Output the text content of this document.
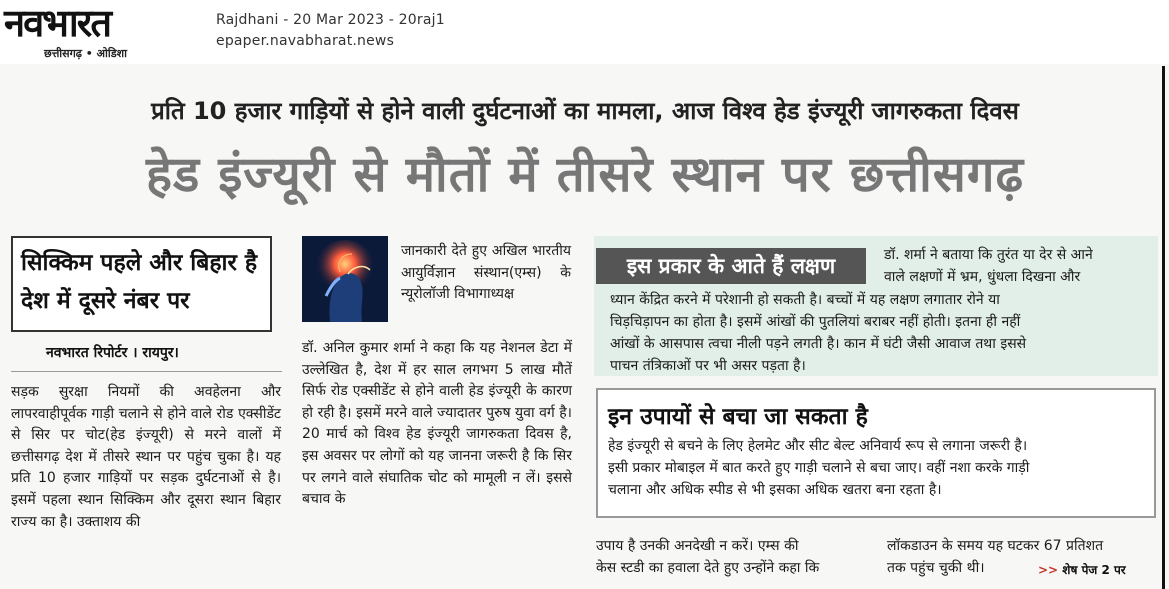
नवभारत
छत्तीसगढ़ • ओडिशा
Rajdhani - 20 Mar 2023 - 20raj1
epaper.navabharat.news
प्रति 10 हजार गाड़ियों से होने वाली दुर्घटनाओं का मामला, आज विश्व हेड इंज्यूरी जागरुकता दिवस
हेड इंज्यूरी से मौतों में तीसरे स्थान पर छत्तीसगढ़
सिक्किम पहले और बिहार है देश में दूसरे नंबर पर
नवभारत रिपोर्टर । रायपुर।
सड़क सुरक्षा नियमों की अवहेलना और लापरवाहीपूर्वक गाड़ी चलाने से होने वाले रोड एक्सीडेंट से सिर पर चोट(हेड इंज्यूरी) से मरने वालों में छत्तीसगढ़ देश में तीसरे स्थान पर पहुंच चुका है। यह प्रति 10 हजार गाड़ियों पर सड़क दुर्घटनाओं से है। इसमें पहला स्थान सिक्किम और दूसरा स्थान बिहार राज्य का है। उक्ताशय की
जानकारी देते हुए अखिल भारतीय आयुर्विज्ञान संस्थान(एम्स) के न्यूरोलॉजी विभागाध्यक्ष
डॉ. अनिल कुमार शर्मा ने कहा कि यह नेशनल डेटा में उल्लेखित है, देश में हर साल लगभग 5 लाख मौतें सिर्फ रोड एक्सीडेंट से होने वाली हेड इंज्यूरी के कारण हो रही है। इसमें मरने वाले ज्यादातर पुरुष युवा वर्ग है। 20 मार्च को विश्व हेड इंज्यूरी जागरुकता दिवस है, इस अवसर पर लोगों को यह जानना जरूरी है कि सिर पर लगने वाले संघातिक चोट को मामूली न लें। इससे बचाव के
इस प्रकार के आते हैं लक्षण	डॉ. शर्मा ने बताया कि तुरंत या देर से आने
वाले लक्षणों में भ्रम, धुंधला दिखना और
ध्यान केंद्रित करने में परेशानी हो सकती है। बच्चों में यह लक्षण लगातार रोने या
चिड़चिड़ापन का होता है। इसमें आंखों की पुतलियां बराबर नहीं होती। इतना ही नहीं
आंखों के आसपास त्वचा नीली पड़ने लगती है। कान में घंटी जैसी आवाज तथा इससे
पाचन तंत्रिकाओं पर भी असर पड़ता है।
इन उपायों से बचा जा सकता है
हेड इंज्यूरी से बचने के लिए हेलमेट और सीट बेल्ट अनिवार्य रूप से लगाना जरूरी है।
इसी प्रकार मोबाइल में बात करते हुए गाड़ी चलाने से बचा जाए। वहीं नशा करके गाड़ी
चलाना और अधिक स्पीड से भी इसका अधिक खतरा बना रहता है।
उपाय है उनकी अनदेखी न करें। एम्स की
केस स्टडी का हवाला देते हुए उन्होंने कहा कि
लॉकडाउन के समय यह घटकर 67 प्रतिशत
तक पहुंच चुकी थी।	>> शेष पेज 2 पर
